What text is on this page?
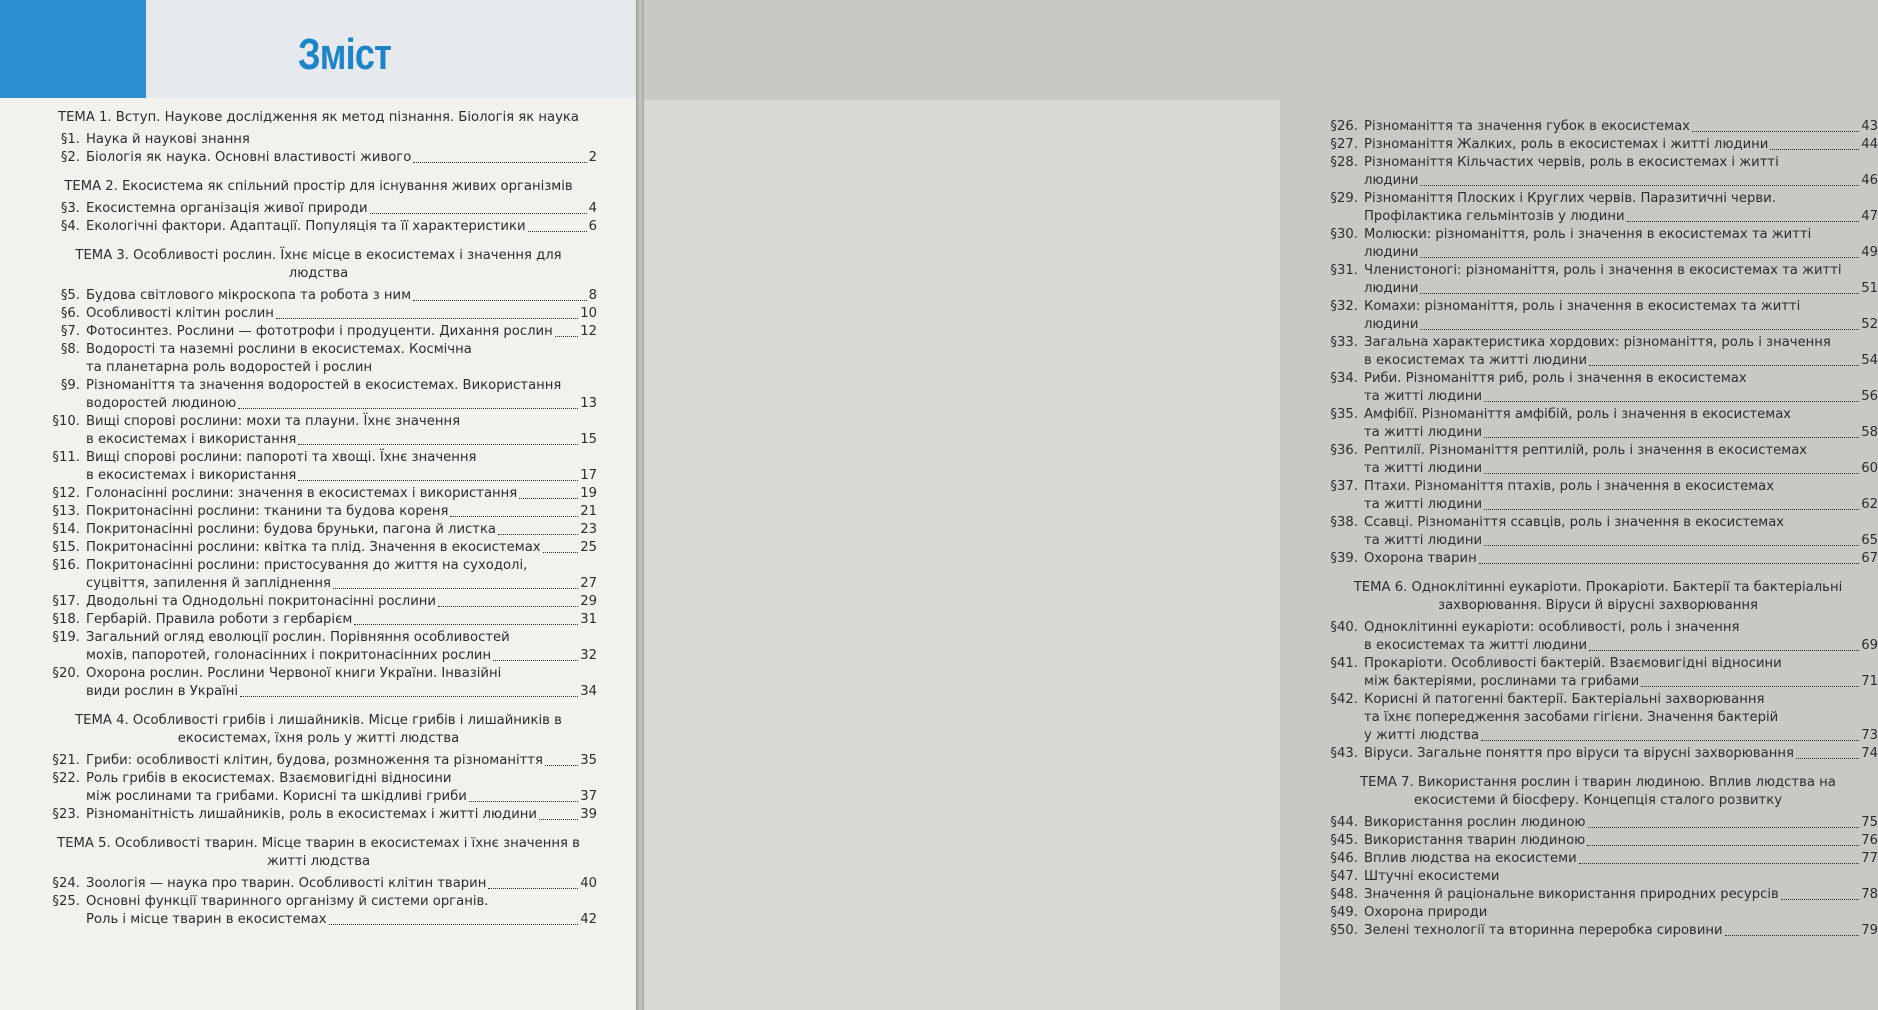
Зміст
ТЕМА 1. Вступ. Наукове дослідження як метод пізнання. Біологія як наука
§1. Наука й наукові знання
§2. Біологія як наука. Основні властивості живого	2
ТЕМА 2. Екосистема як спільний простір для існування живих організмів
§3. Екосистемна організація живої природи	4
§4. Екологічні фактори. Адаптації. Популяція та її характеристики	6
ТЕМА 3. Особливості рослин. Їхнє місце в екосистемах і значення для людства
§5. Будова світлового мікроскопа та робота з ним	8
§6. Особливості клітин рослин	10
§7. Фотосинтез. Рослини — фототрофи і продуценти. Дихання рослин 12
§8. Водорості та наземні рослини в екосистемах. Космічна
та планетарна роль водоростей і рослин
§9. Різноманіття та значення водоростей в екосистемах. Використання
водоростей людиною	13
§10. Вищі спорові рослини: мохи та плауни. Їхнє значення
в екосистемах і використання	15
§11. Вищі спорові рослини: папороті та хвощі. Їхнє значення
в екосистемах і використання	17
§12. Голонасінні рослини: значення в екосистемах і використання	19
§13. Покритонасінні рослини: тканини та будова кореня	21
§14. Покритонасінні рослини: будова бруньки, пагона й листка	23
§15. Покритонасінні рослини: квітка та плід. Значення в екосистемах	25
§16. Покритонасінні рослини: пристосування до життя на суходолі,
суцвіття, запилення й запліднення	27
§17. Дводольні та Однодольні покритонасінні рослини	29
§18. Гербарій. Правила роботи з гербарієм	31
§19. Загальний огляд еволюції рослин. Порівняння особливостей
мохів, папоротей, голонасінних і покритонасінних рослин	32
§20. Охорона рослин. Рослини Червоної книги України. Інвазійні
види рослин в Україні	34
ТЕМА 4. Особливості грибів і лишайників. Місце грибів і лишайників в екосистемах, їхня роль у житті людства
§21. Гриби: особливості клітин, будова, розмноження та різноманіття	35
§22. Роль грибів в екосистемах. Взаємовигідні відносини
між рослинами та грибами. Корисні та шкідливі гриби	37
§23. Різноманітність лишайників, роль в екосистемах і житті людини	39
ТЕМА 5. Особливості тварин. Місце тварин в екосистемах і їхнє значення в житті людства
§24. Зоологія — наука про тварин. Особливості клітин тварин	40
§25. Основні функції тваринного організму й системи органів.
Роль і місце тварин в екосистемах	42
§26. Різноманіття та значення губок в екосистемах	43
§27. Різноманіття Жалких, роль в екосистемах і житті людини	44
§28. Різноманіття Кільчастих червів, роль в екосистемах і житті
людини	46
§29. Різноманіття Плоских і Круглих червів. Паразитичні черви.
Профілактика гельмінтозів у людини	47
§30. Молюски: різноманіття, роль і значення в екосистемах та житті
людини	49
§31. Членистоногі: різноманіття, роль і значення в екосистемах та житті
людини	51
§32. Комахи: різноманіття, роль і значення в екосистемах та житті
людини	52
§33. Загальна характеристика хордових: різноманіття, роль і значення
в екосистемах та житті людини	54
§34. Риби. Різноманіття риб, роль і значення в екосистемах
та житті людини	56
§35. Амфібії. Різноманіття амфібій, роль і значення в екосистемах
та житті людини	58
§36. Рептилії. Різноманіття рептилій, роль і значення в екосистемах
та житті людини	60
§37. Птахи. Різноманіття птахів, роль і значення в екосистемах
та житті людини	62
§38. Ссавці. Різноманіття ссавців, роль і значення в екосистемах
та житті людини	65
§39. Охорона тварин	67
ТЕМА 6. Одноклітинні еукаріоти. Прокаріоти. Бактерії та бактеріальні захворювання. Віруси й вірусні захворювання
§40. Одноклітинні еукаріоти: особливості, роль і значення
в екосистемах та житті людини	69
§41. Прокаріоти. Особливості бактерій. Взаємовигідні відносини
між бактеріями, рослинами та грибами	71
§42. Корисні й патогенні бактерії. Бактеріальні захворювання
та їхнє попередження засобами гігієни. Значення бактерій
у житті людства	73
§43. Віруси. Загальне поняття про віруси та вірусні захворювання	74
ТЕМА 7. Використання рослин і тварин людиною. Вплив людства на екосистеми й біосферу. Концепція сталого розвитку
§44. Використання рослин людиною	75
§45. Використання тварин людиною	76
§46. Вплив людства на екосистеми	77
§47. Штучні екосистеми
§48. Значення й раціональне використання природних ресурсів	78
§49. Охорона природи
§50. Зелені технології та вторинна переробка сировини	79
